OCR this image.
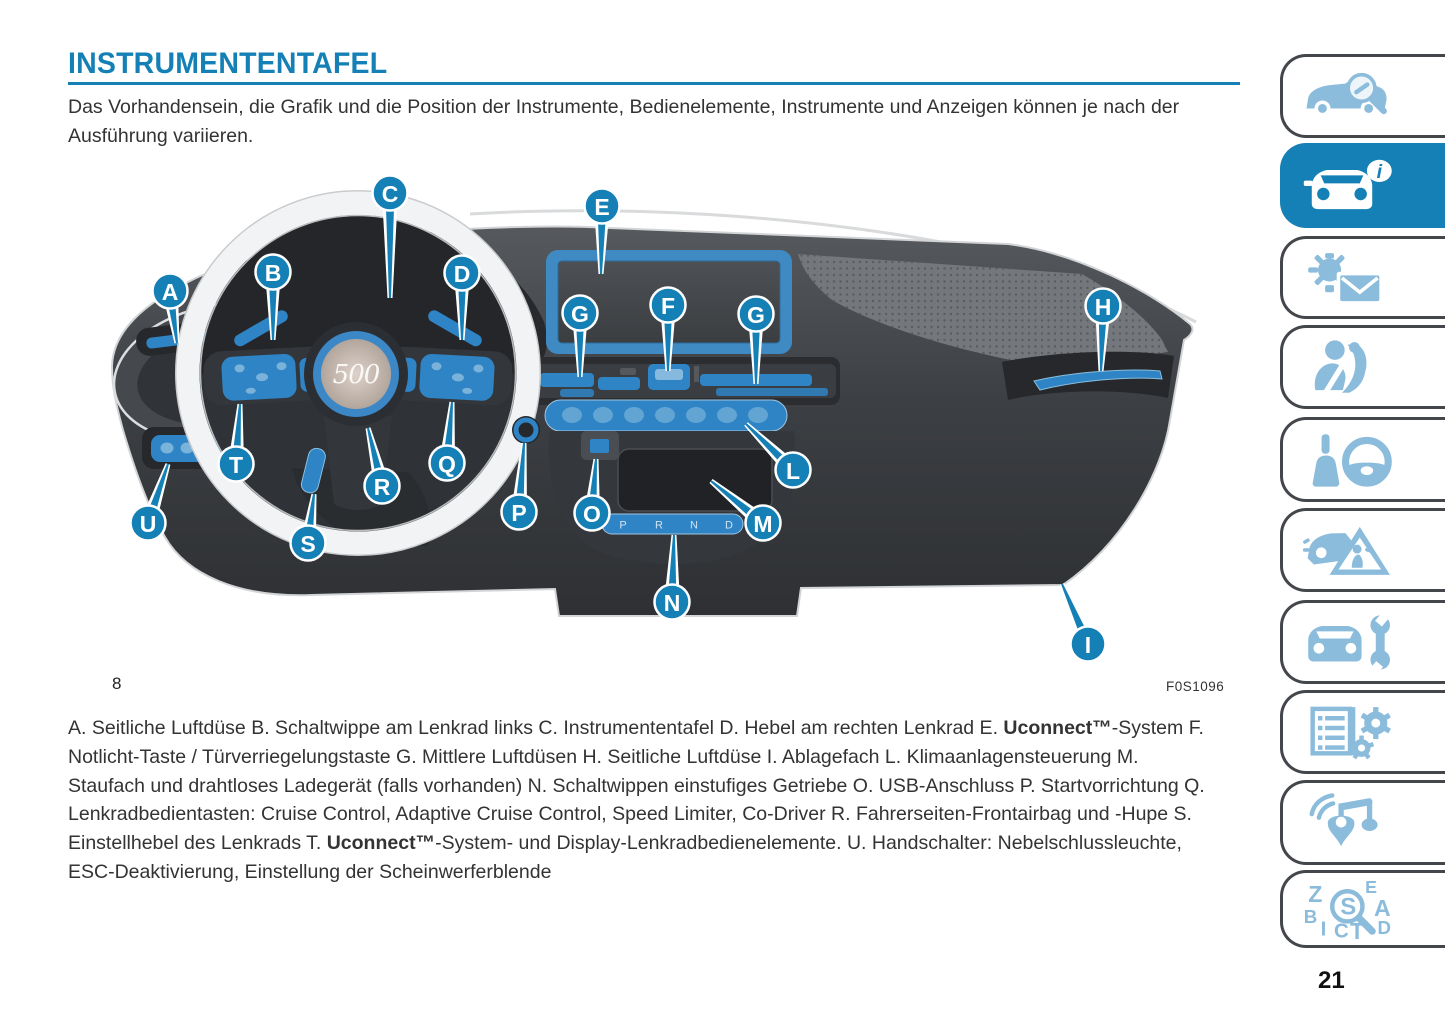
INSTRUMENTENTAFEL
Das Vorhandensein, die Grafik und die Position der Instrumente, Bedienelemente, Instrumente und Anzeigen können je nach der Ausführung variieren.
P	R N D
500
A
B
C
D
E
G	F	G	H
T
R
Q
S
U	P O
L
M
N
I
8	F0S1096

A. Seitliche Luftdüse B. Schaltwippe am Lenkrad links C. Instrumententafel D. Hebel am rechten Lenkrad E. Uconnect™-System F. Notlicht-Taste / Türverriegelungstaste G. Mittlere Luftdüsen H. Seitliche Luftdüse I. Ablagefach L. Klimaanlagensteuerung M. Staufach und drahtloses Ladegerät (falls vorhanden) N. Schaltwippen einstufiges Getriebe O. USB-Anschluss P. Startvorrichtung Q. Lenkradbedientasten: Cruise Control, Adaptive Cruise Control, Speed Limiter, Co-Driver R. Fahrerseiten-Frontairbag und -Hupe S. Einstellhebel des Lenkrads T. Uconnect™-System- und Display-Lenkradbedienelemente. U. Handschalter: Nebelschlussleuchte, ESC-Deaktivierung, Einstellung der Scheinwerferblende

21
i
Z
B
E
A
D
I C T
S
